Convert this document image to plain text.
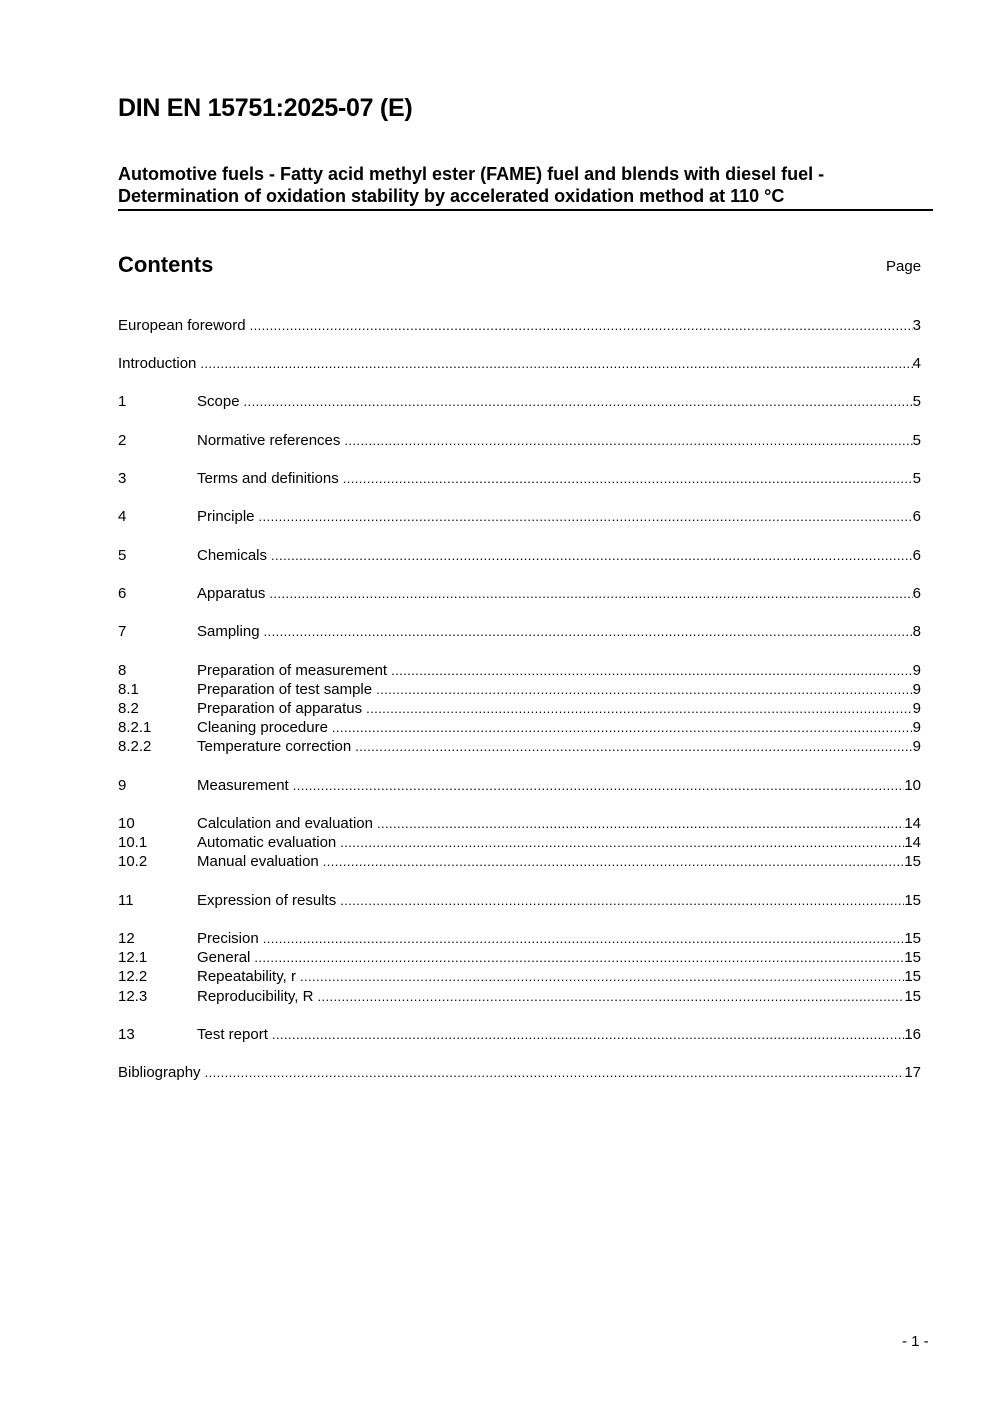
DIN EN 15751:2025-07 (E)
Automotive fuels - Fatty acid methyl ester (FAME) fuel and blends with diesel fuel -
Determination of oxidation stability by accelerated oxidation method at 110 °C
Contents	Page
European foreword .....	3
Introduction .....	4
1	Scope .....	5
2	Normative references .....	5
3	Terms and definitions .....	5
4	Principle .....	6
5	Chemicals .....	6
6	Apparatus .....	6
7	Sampling .....	8
8	Preparation of measurement .....	9
8.1	Preparation of test sample .....	9
8.2	Preparation of apparatus .....	9
8.2.1	Cleaning procedure .....	9
8.2.2	Temperature correction .....	9
9	Measurement .....	10
10	Calculation and evaluation .....	14
10.1	Automatic evaluation .....	14
10.2	Manual evaluation .....	15
11	Expression of results .....	15
12	Precision .....	15
12.1	General .....	15
12.2	Repeatability, r .....	15
12.3	Reproducibility, R .....	15
13	Test report .....	16
Bibliography .....	17
- 1 -
